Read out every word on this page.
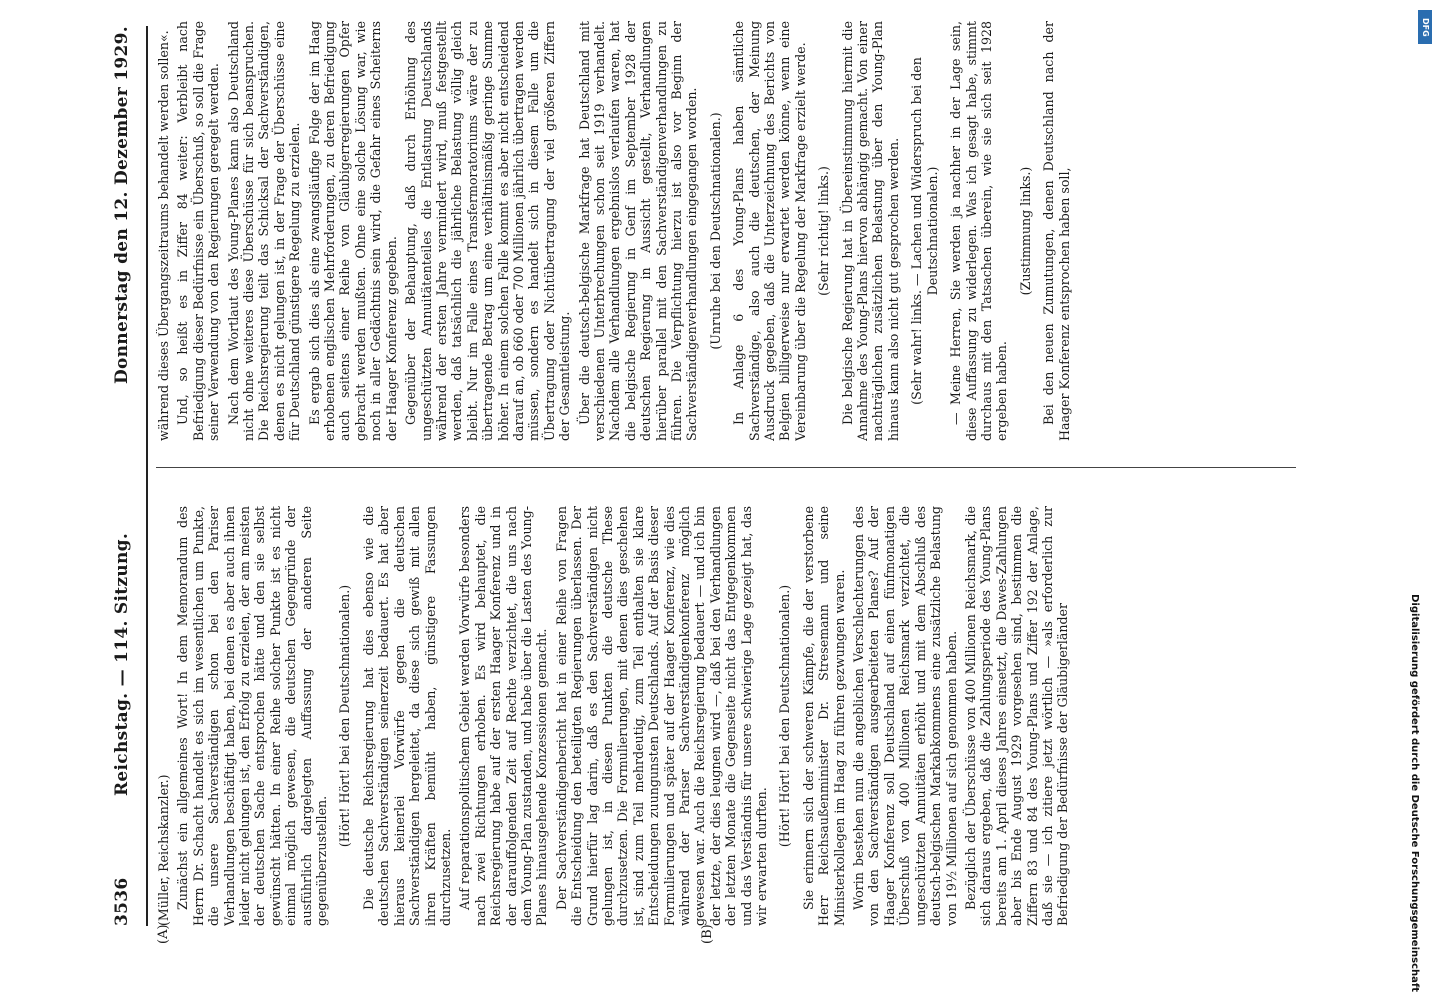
3536
Reichstag. — 114. Sitzung.
Donnerstag den 12. Dezember 1929.
(A)	(B)

(Müller, Reichskanzler.) Zunächst ein allgemeines Wort! In dem Memorandum des Herrn Dr. Schacht handelt es sich im wesentlichen um Punkte, die unsere Sachverständigen schon bei den Pariser Verhandlungen beschäftigt haben, bei denen es aber auch ihnen leider nicht gelungen ist, den Erfolg zu erzielen, der am meisten der deutschen Sache entsprochen hätte und den sie selbst gewünscht hätten. In einer Reihe solcher Punkte ist es nicht einmal möglich gewesen, die deutschen Gegengründe der ausführlich dargelegten Auffassung der anderen Seite gegenüberzustellen.

(Hört! Hört! bei den Deutschnationalen.) Die deutsche Reichsregierung hat dies ebenso wie die deutschen Sachverständigen seinerzeit bedauert. Es hat aber hieraus keinerlei Vorwürfe gegen die deutschen Sachverständigen hergeleitet, da diese sich gewiß mit allen ihren Kräften bemüht haben, günstigere Fassungen durchzusetzen. Auf reparationspolitischem Gebiet werden Vorwürfe besonders nach zwei Richtungen erhoben. Es wird behauptet, die Reichsregierung habe auf der ersten Haager Konferenz und in der darauffolgenden Zeit auf Rechte verzichtet, die uns nach dem Young-Plan zustanden, und habe über die Lasten des Young-Planes hinausgehende Konzessionen gemacht. Der Sachverständigenbericht hat in einer Reihe von Fragen die Entscheidung den beteiligten Regierungen überlassen. Der Grund hierfür lag darin, daß es den Sachverständigen nicht gelungen ist, in diesen Punkten die deutsche These durchzusetzen. Die Formulierungen, mit denen dies geschehen ist, sind zum Teil mehrdeutig, zum Teil enthalten sie klare Entscheidungen zuungunsten Deutschlands. Auf der Basis dieser Formulierungen und später auf der Haager Konferenz, wie dies während der Pariser Sachverständigenkonferenz möglich gewesen war. Auch die Reichsregierung bedauert — und ich bin der letzte, der dies leugnen wird —, daß bei den Verhandlungen der letzten Monate die Gegenseite nicht das Entgegenkommen und das Verständnis für unsere schwierige Lage gezeigt hat, das wir erwarten durften.

(Hört! Hört! bei den Deutschnationalen.) Sie erinnern sich der schweren Kämpfe, die der verstorbene Herr Reichsaußenminister Dr. Stresemann und seine Ministerkollegen im Haag zu führen gezwungen waren. Worin bestehen nun die angeblichen Verschlechterungen des von den Sachverständigen ausgearbeiteten Planes? Auf der Haager Konferenz soll Deutschland auf einen fünfmonatigen Überschuß von 400 Millionen Reichsmark verzichtet, die ungeschützten Annuitäten erhöht und mit dem Abschluß des deutsch-belgischen Markabkommens eine zusätzliche Belastung von 19½ Millionen auf sich genommen haben. Bezüglich der Überschüsse von 400 Millionen Reichsmark, die sich daraus ergeben, daß die Zahlungsperiode des Young-Plans bereits am 1. April dieses Jahres einsetzt, die Dawes-Zahlungen aber bis Ende August 1929 vorgesehen sind, bestimmen die Ziffern 83 und 84 des Young-Plans und Ziffer 192 der Anlage, daß sie — ich zitiere jetzt wörtlich — »als erforderlich zur Befriedigung der Bedürfnisse der Gläubigerländer

während dieses Übergangszeitraums behandelt werden sollen«. Und, so heißt es in Ziffer 84 weiter: Verbleibt nach Befriedigung dieser Bedürfnisse ein Überschuß, so soll die Frage seiner Verwendung von den Regierungen geregelt werden. Nach dem Wortlaut des Young-Planes kann also Deutschland nicht ohne weiteres diese Überschüsse für sich beanspruchen. Die Reichsregierung teilt das Schicksal der Sachverständigen, denen es nicht gelungen ist, in der Frage der Überschüsse eine für Deutschland günstigere Regelung zu erzielen. Es ergab sich dies als eine zwangsläufige Folge der im Haag erhobenen englischen Mehrforderungen, zu deren Befriedigung auch seitens einer Reihe von Gläubigerregierungen Opfer gebracht werden mußten. Ohne eine solche Lösung war, wie noch in aller Gedächtnis sein wird, die Gefahr eines Scheiterns der Haager Konferenz gegeben. Gegenüber der Behauptung, daß durch Erhöhung des ungeschützten Annuitätenteiles die Entlastung Deutschlands während der ersten Jahre vermindert wird, muß festgestellt werden, daß tatsächlich die jährliche Belastung völlig gleich bleibt. Nur im Falle eines Transfermoratoriums wäre der zu übertragende Betrag um eine verhältnismäßig geringe Summe höher. In einem solchen Falle kommt es aber nicht entscheidend darauf an, ob 660 oder 700 Millionen jährlich übertragen werden müssen, sondern es handelt sich in diesem Falle um die Übertragung oder Nichtübertragung der viel größeren Ziffern der Gesamtleistung. Über die deutsch-belgische Markfrage hat Deutschland mit verschiedenen Unterbrechungen schon seit 1919 verhandelt. Nachdem alle Verhandlungen ergebnislos verlaufen waren, hat die belgische Regierung in Genf im September 1928 der deutschen Regierung in Aussicht gestellt, Verhandlungen hierüber parallel mit den Sachverständigenverhandlungen zu führen. Die Verpflichtung hierzu ist also vor Beginn der Sachverständigenverhandlungen eingegangen worden. (Unruhe bei den Deutschnationalen.) In Anlage 6 des Young-Plans haben sämtliche Sachverständige, also auch die deutschen, der Meinung Ausdruck gegeben, daß die Unterzeichnung des Berichts von Belgien billigerweise nur erwartet werden könne, wenn eine Vereinbarung über die Regelung der Markfrage erzielt werde. (Sehr richtig! links.) Die belgische Regierung hat in Übereinstimmung hiermit die Annahme des Young-Plans hiervon abhängig gemacht. Von einer nachträglichen zusätzlichen Belastung über den Young-Plan hinaus kann also nicht gut gesprochen werden. (Sehr wahr! links. — Lachen und Widerspruch bei den Deutschnationalen.) — Meine Herren, Sie werden ja nachher in der Lage sein, diese Auffassung zu widerlegen. Was ich gesagt habe, stimmt durchaus mit den Tatsachen überein, wie sie sich seit 1928 ergeben haben.

(Zustimmung links.) Bei den neuen Zumutungen, denen Deutschland nach der Haager Konferenz entsprochen haben soll,

DFG
Digitalisierung gefördert durch die Deutsche Forschungsgemeinschaft
